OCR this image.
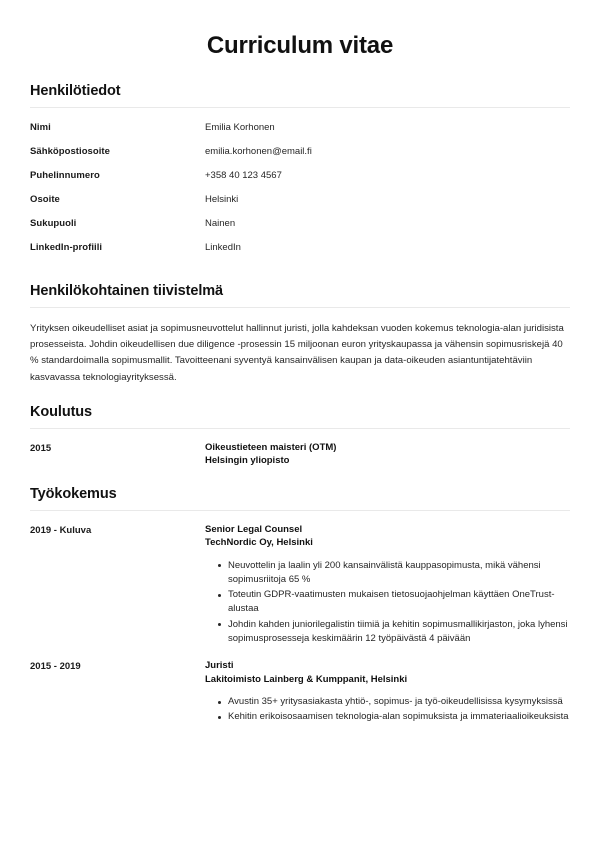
Curriculum vitae
Henkilötiedot
Nimi	Emilia Korhonen
Sähköpostiosoite	emilia.korhonen@email.fi
Puhelinnumero	+358 40 123 4567
Osoite	Helsinki
Sukupuoli	Nainen
LinkedIn-profiili	LinkedIn
Henkilökohtainen tiivistelmä

Yrityksen oikeudelliset asiat ja sopimusneuvottelut hallinnut juristi, jolla kahdeksan vuoden kokemus teknologia-alan juridisista prosesseista. Johdin oikeudellisen due diligence -prosessin 15 miljoonan euron yrityskaupassa ja vähensin sopimusriskejä 40 % standardoimalla sopimusmallit. Tavoitteenani syventyä kansainvälisen kaupan ja data-oikeuden asiantuntijatehtäviin kasvavassa teknologiayrityksessä.

Koulutus
2015	Oikeustieteen maisteri (OTM)
Helsingin yliopisto
Työkokemus
2019 - Kuluva	Senior Legal Counsel
TechNordic Oy, Helsinki
Neuvottelin ja laalin yli 200 kansainvälistä kauppasopimusta, mikä vähensi sopimusriitoja 65 %
Toteutin GDPR-vaatimusten mukaisen tietosuojaohjelman käyttäen OneTrust-alustaa
Johdin kahden juniorilegalistin tiimiä ja kehitin sopimusmallikirjaston, joka lyhensi sopimusprosesseja keskimäärin 12 työpäivästä 4 päivään
2015 - 2019	Juristi
Lakitoimisto Lainberg & Kumppanit, Helsinki
Avustin 35+ yritysasiakasta yhtiö-, sopimus- ja työ-oikeudellisissa kysymyksissä
Kehitin erikoisosaamisen teknologia-alan sopimuksista ja immateriaalioikeuksista
